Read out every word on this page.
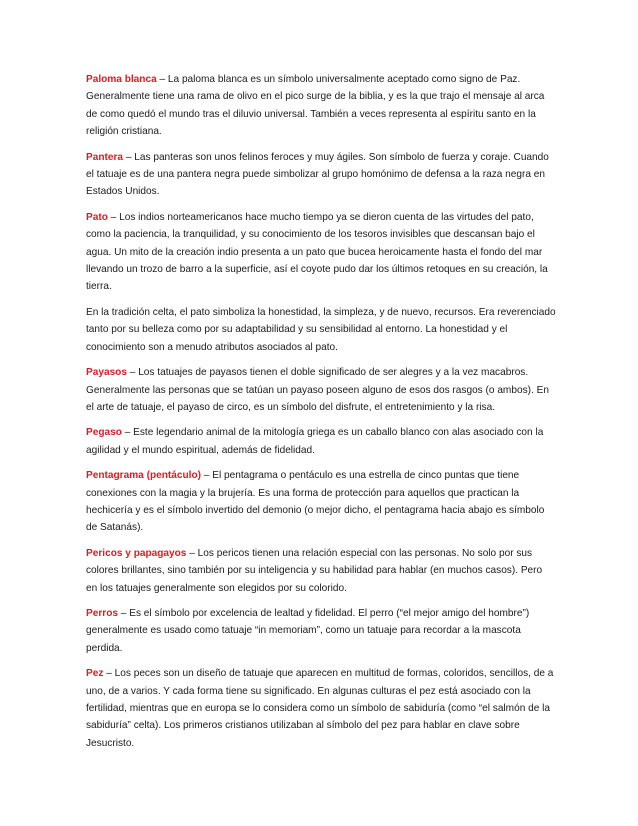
Paloma blanca – La paloma blanca es un símbolo universalmente aceptado como signo de Paz. Generalmente tiene una rama de olivo en el pico surge de la biblia, y es la que trajo el mensaje al arca de como quedó el mundo tras el diluvio universal. También a veces representa al espíritu santo en la religión cristiana.

Pantera – Las panteras son unos felinos feroces y muy ágiles. Son símbolo de fuerza y coraje. Cuando el tatuaje es de una pantera negra puede simbolizar al grupo homónimo de defensa a la raza negra en Estados Unidos.

Pato – Los indios norteamericanos hace mucho tiempo ya se dieron cuenta de las virtudes del pato, como la paciencia, la tranquilidad, y su conocimiento de los tesoros invisibles que descansan bajo el agua. Un mito de la creación indio presenta a un pato que bucea heroicamente hasta el fondo del mar llevando un trozo de barro a la superficie, así el coyote pudo dar los últimos retoques en su creación, la tierra.

En la tradición celta, el pato simboliza la honestidad, la simpleza, y de nuevo, recursos. Era reverenciado tanto por su belleza como por su adaptabilidad y su sensibilidad al entorno. La honestidad y el conocimiento son a menudo atributos asociados al pato.

Payasos – Los tatuajes de payasos tienen el doble significado de ser alegres y a la vez macabros. Generalmente las personas que se tatúan un payaso poseen alguno de esos dos rasgos (o ambos). En el arte de tatuaje, el payaso de circo, es un símbolo del disfrute, el entretenimiento y la risa.

Pegaso – Este legendario animal de la mitología griega es un caballo blanco con alas asociado con la agilidad y el mundo espiritual, además de fidelidad.

Pentagrama (pentáculo) – El pentagrama o pentáculo es una estrella de cinco puntas que tiene conexiones con la magia y la brujería. Es una forma de protección para aquellos que practican la hechicería y es el símbolo invertido del demonio (o mejor dicho, el pentagrama hacia abajo es símbolo de Satanás).

Pericos y papagayos – Los pericos tienen una relación especial con las personas. No solo por sus colores brillantes, sino también por su inteligencia y su habilidad para hablar (en muchos casos). Pero en los tatuajes generalmente son elegidos por su colorido.

Perros – Es el símbolo por excelencia de lealtad y fidelidad. El perro (“el mejor amigo del hombre”) generalmente es usado como tatuaje “in memoriam”, como un tatuaje para recordar a la mascota perdida.

Pez – Los peces son un diseño de tatuaje que aparecen en multitud de formas, coloridos, sencillos, de a uno, de a varios. Y cada forma tiene su significado. En algunas culturas el pez está asociado con la fertilidad, mientras que en europa se lo considera como un símbolo de sabiduría (como “el salmón de la sabiduría” celta). Los primeros cristianos utilizaban al símbolo del pez para hablar en clave sobre Jesucristo.
